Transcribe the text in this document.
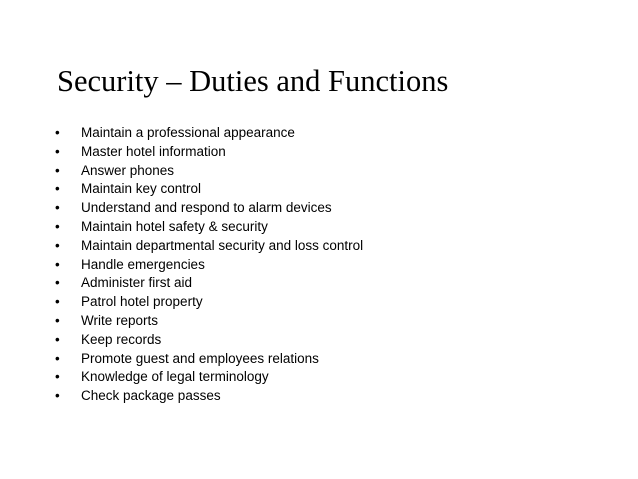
Security – Duties and Functions
• Maintain a professional appearance
• Master hotel information
• Answer phones
• Maintain key control
• Understand and respond to alarm devices
• Maintain hotel safety & security
• Maintain departmental security and loss control
• Handle emergencies
• Administer first aid
• Patrol hotel property
• Write reports
• Keep records
• Promote guest and employees relations
• Knowledge of legal terminology
• Check package passes
